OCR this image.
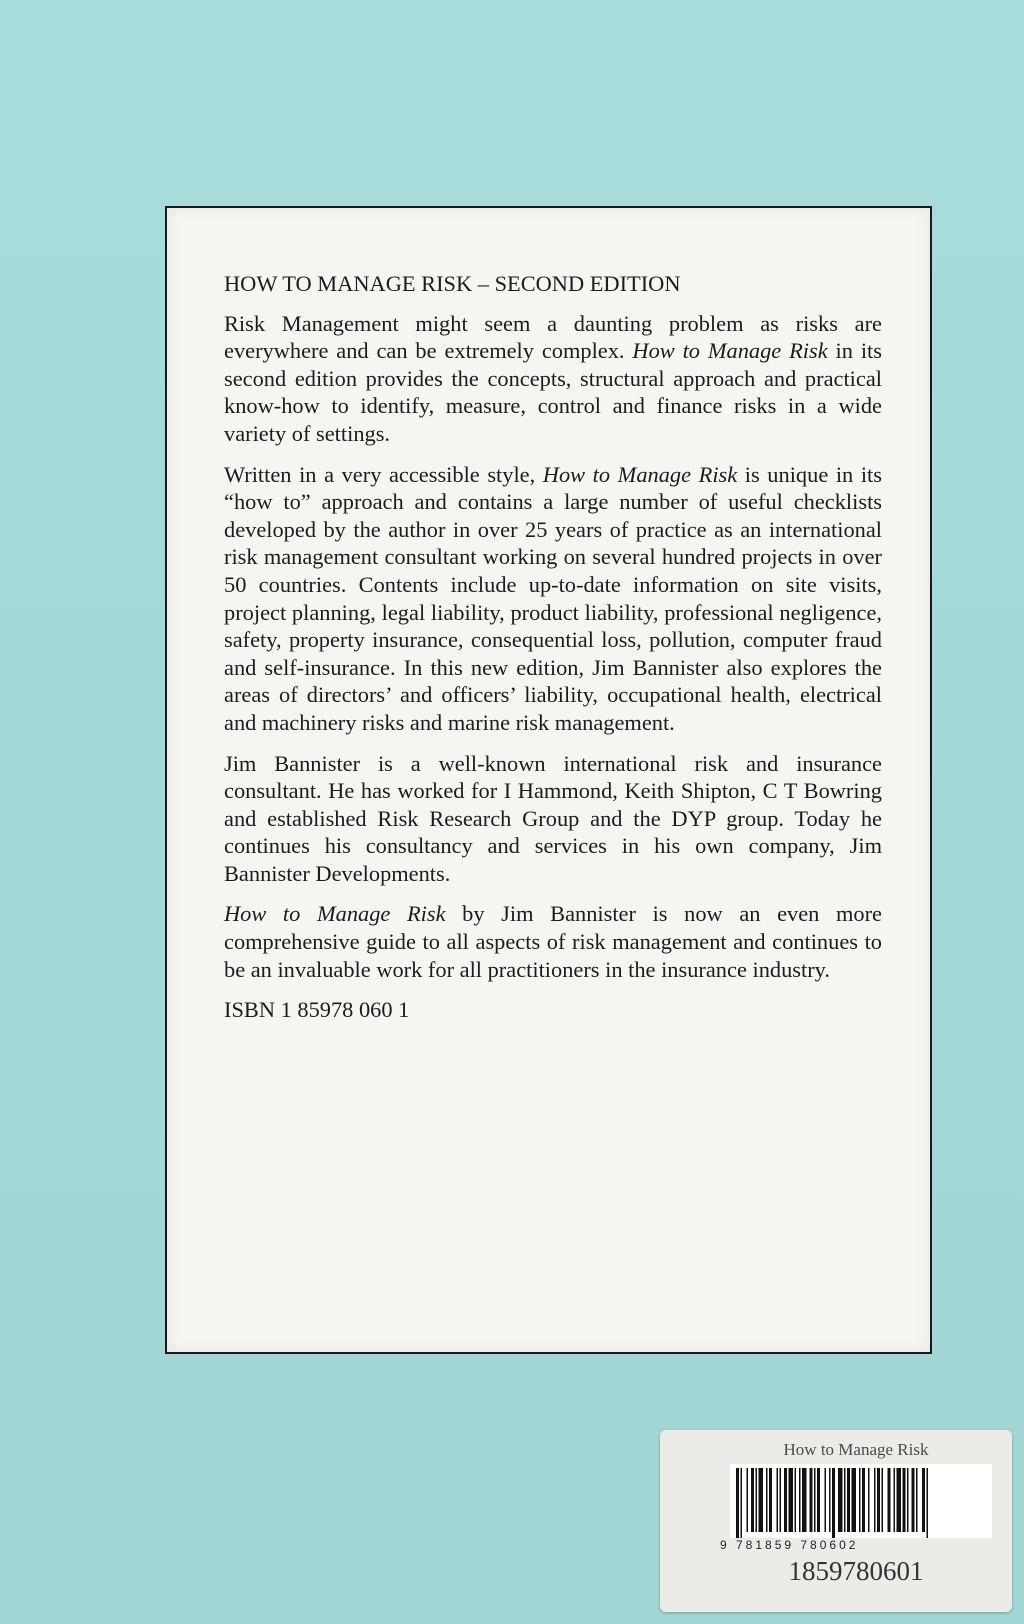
HOW TO MANAGE RISK – SECOND EDITION

Risk Management might seem a daunting problem as risks are everywhere and can be extremely complex. How to Manage Risk in its second edition provides the concepts, structural approach and practical know-how to identify, measure, control and finance risks in a wide variety of settings.

Written in a very accessible style, How to Manage Risk is unique in its “how to” approach and contains a large number of useful checklists developed by the author in over 25 years of practice as an international risk management consultant working on several hundred projects in over 50 countries. Contents include up-to-date information on site visits, project planning, legal liability, product liability, professional negligence, safety, property insurance, consequential loss, pollution, computer fraud and self-insurance. In this new edition, Jim Bannister also explores the areas of directors’ and officers’ liability, occupational health, electrical and machinery risks and marine risk management.

Jim Bannister is a well-known international risk and insurance consultant. He has worked for I Hammond, Keith Shipton, C T Bowring and established Risk Research Group and the DYP group. Today he continues his consultancy and services in his own company, Jim Bannister Developments.

How to Manage Risk by Jim Bannister is now an even more comprehensive guide to all aspects of risk management and continues to be an invaluable work for all practitioners in the insurance industry.

ISBN 1 85978 060 1

How to Manage Risk
9 781859 780602
1859780601
